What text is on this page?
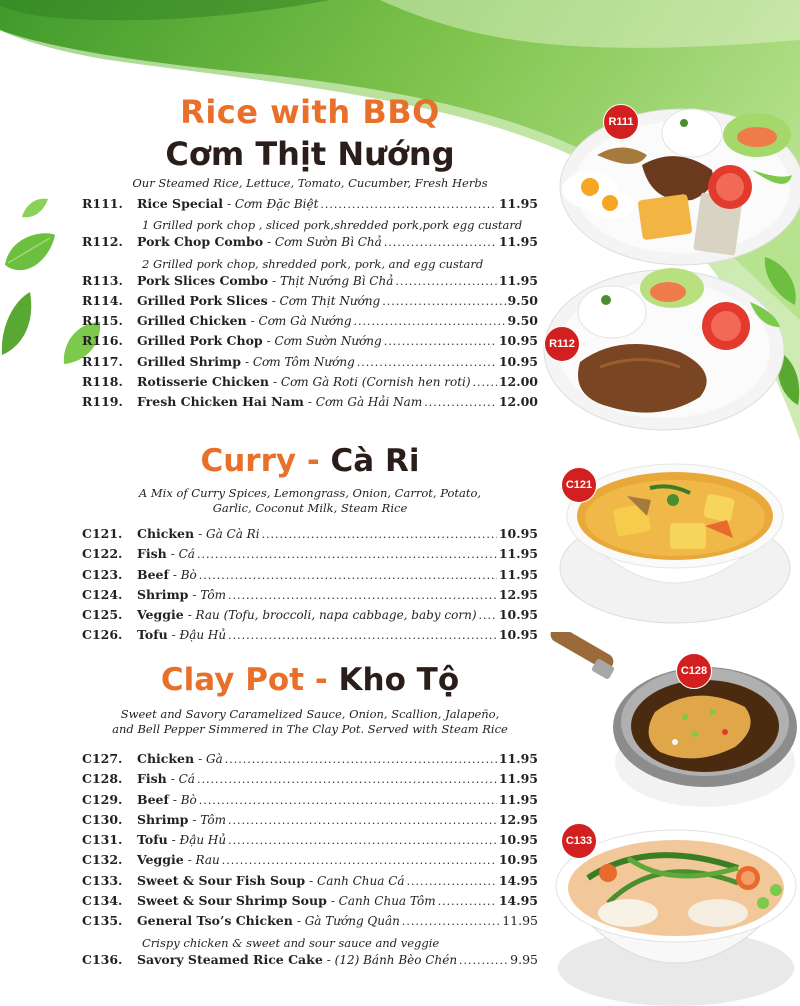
Rice with BBQ
Cơm Thịt Nướng
Our Steamed Rice, Lettuce, Tomato, Cucumber, Fresh Herbs
R111.	Rice Special - Cơm Đặc Biệt .....	11.95
1 Grilled pork chop , sliced pork,shredded pork,pork egg custard
R112.	Pork Chop Combo - Cơm Sườn Bì Chả .....	11.95
2 Grilled pork chop, shredded pork, pork, and egg custard
R113.	Pork Slices Combo - Thịt Nướng Bì Chả .....	11.95
R114.	Grilled Pork Slices - Cơm Thịt Nướng .....	9.50
R115.	Grilled Chicken - Cơm Gà Nướng .....	9.50
R116.	Grilled Pork Chop - Cơm Sườn Nướng .....	10.95
R117.	Grilled Shrimp - Cơm Tôm Nướng .....	10.95
R118.	Rotisserie Chicken - Cơm Gà Roti (Cornish hen roti) ..... 12.00
R119.	Fresh Chicken Hai Nam - Cơm Gà Hải Nam .....	12.00
Curry - Cà Ri
A Mix of Curry Spices, Lemongrass, Onion, Carrot, Potato,
Garlic, Coconut Milk, Steam Rice
C121.	Chicken - Gà Cà Ri .....	10.95
C122.	Fish - Cá .....	11.95
C123.	Beef - Bò .....	11.95
C124.	Shrimp - Tôm .....	12.95
C125.	Veggie - Rau (Tofu, broccoli, napa cabbage, baby corn) ..... 10.95
C126.	Tofu - Đậu Hủ .....	10.95
Clay Pot - Kho Tộ
Sweet and Savory Caramelized Sauce, Onion, Scallion, Jalapeño,
and Bell Pepper Simmered in The Clay Pot. Served with Steam Rice
C127.	Chicken - Gà .....	11.95
C128.	Fish - Cá .....	11.95
C129.	Beef - Bò .....	11.95
C130.	Shrimp - Tôm .....	12.95
C131.	Tofu - Đậu Hủ .....	10.95
C132.	Veggie - Rau .....	10.95
C133.	Sweet & Sour Fish Soup - Canh Chua Cá .....	14.95
C134.	Sweet & Sour Shrimp Soup - Canh Chua Tôm .....	14.95
C135.	General Tso’s Chicken - Gà Tướng Quân .....	11.95
Crispy chicken & sweet and sour sauce and veggie
C136.	Savory Steamed Rice Cake - (12) Bánh Bèo Chén .....	9.95
R111
R112
C121
C128
C133
